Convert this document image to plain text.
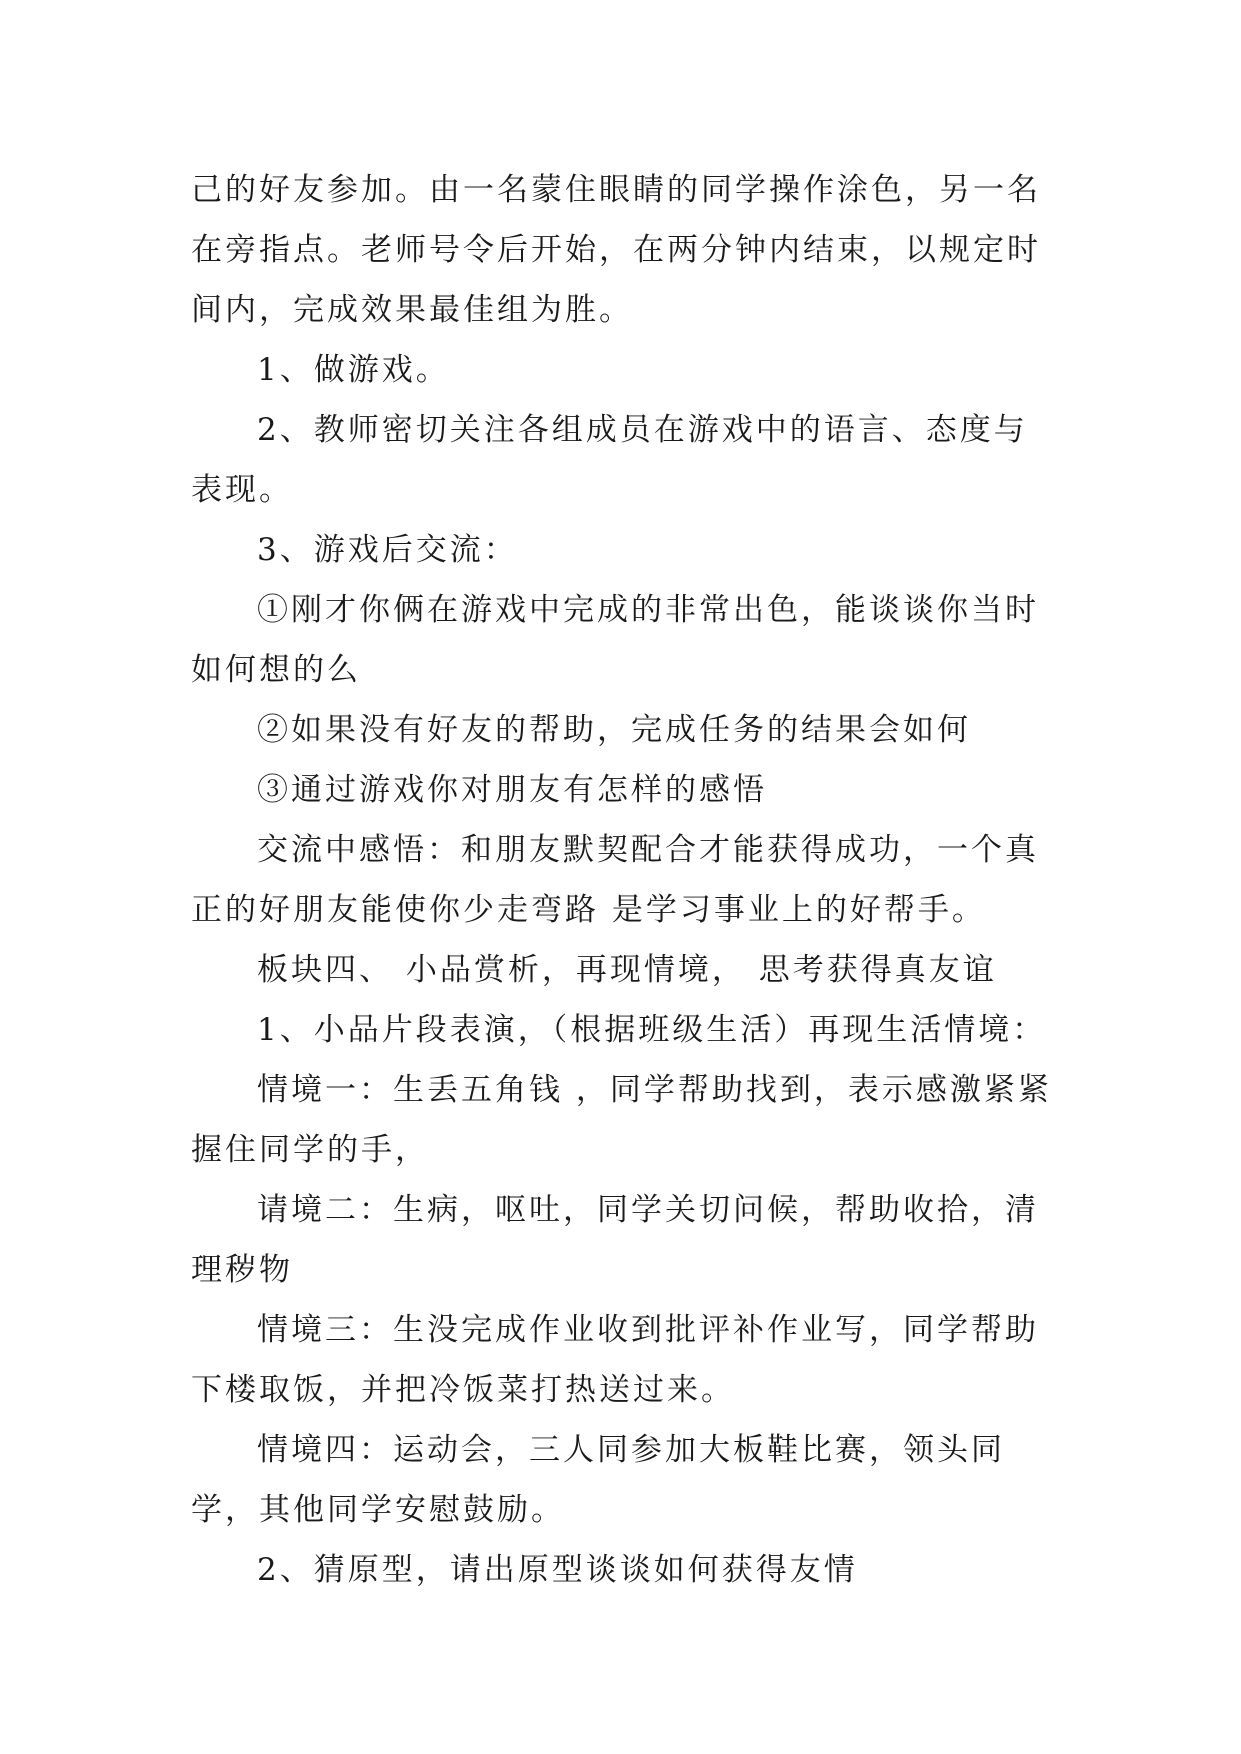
己的好友参加。由一名蒙住眼睛的同学操作涂色，另一名在旁指点。老师号令后开始，在两分钟内结束，以规定时间内，完成效果最佳组为胜。

1、做游戏。

2、教师密切关注各组成员在游戏中的语言、态度与表现。

3、游戏后交流：

①刚才你俩在游戏中完成的非常出色，能谈谈你当时如何想的么

②如果没有好友的帮助，完成任务的结果会如何

③通过游戏你对朋友有怎样的感悟

交流中感悟：和朋友默契配合才能获得成功，一个真正的好朋友能使你少走弯路 是学习事业上的好帮手。

板块四、 小品赏析，再现情境， 思考获得真友谊

1、小品片段表演，（根据班级生活）再现生活情境：

情境一：生丢五角钱 ，同学帮助找到，表示感激紧紧握住同学的手，

请境二：生病，呕吐，同学关切问候，帮助收拾，清理秽物

情境三：生没完成作业收到批评补作业写，同学帮助下楼取饭，并把冷饭菜打热送过来。

情境四：运动会，三人同参加大板鞋比赛，领头同学，其他同学安慰鼓励。

2、猜原型，请出原型谈谈如何获得友情
